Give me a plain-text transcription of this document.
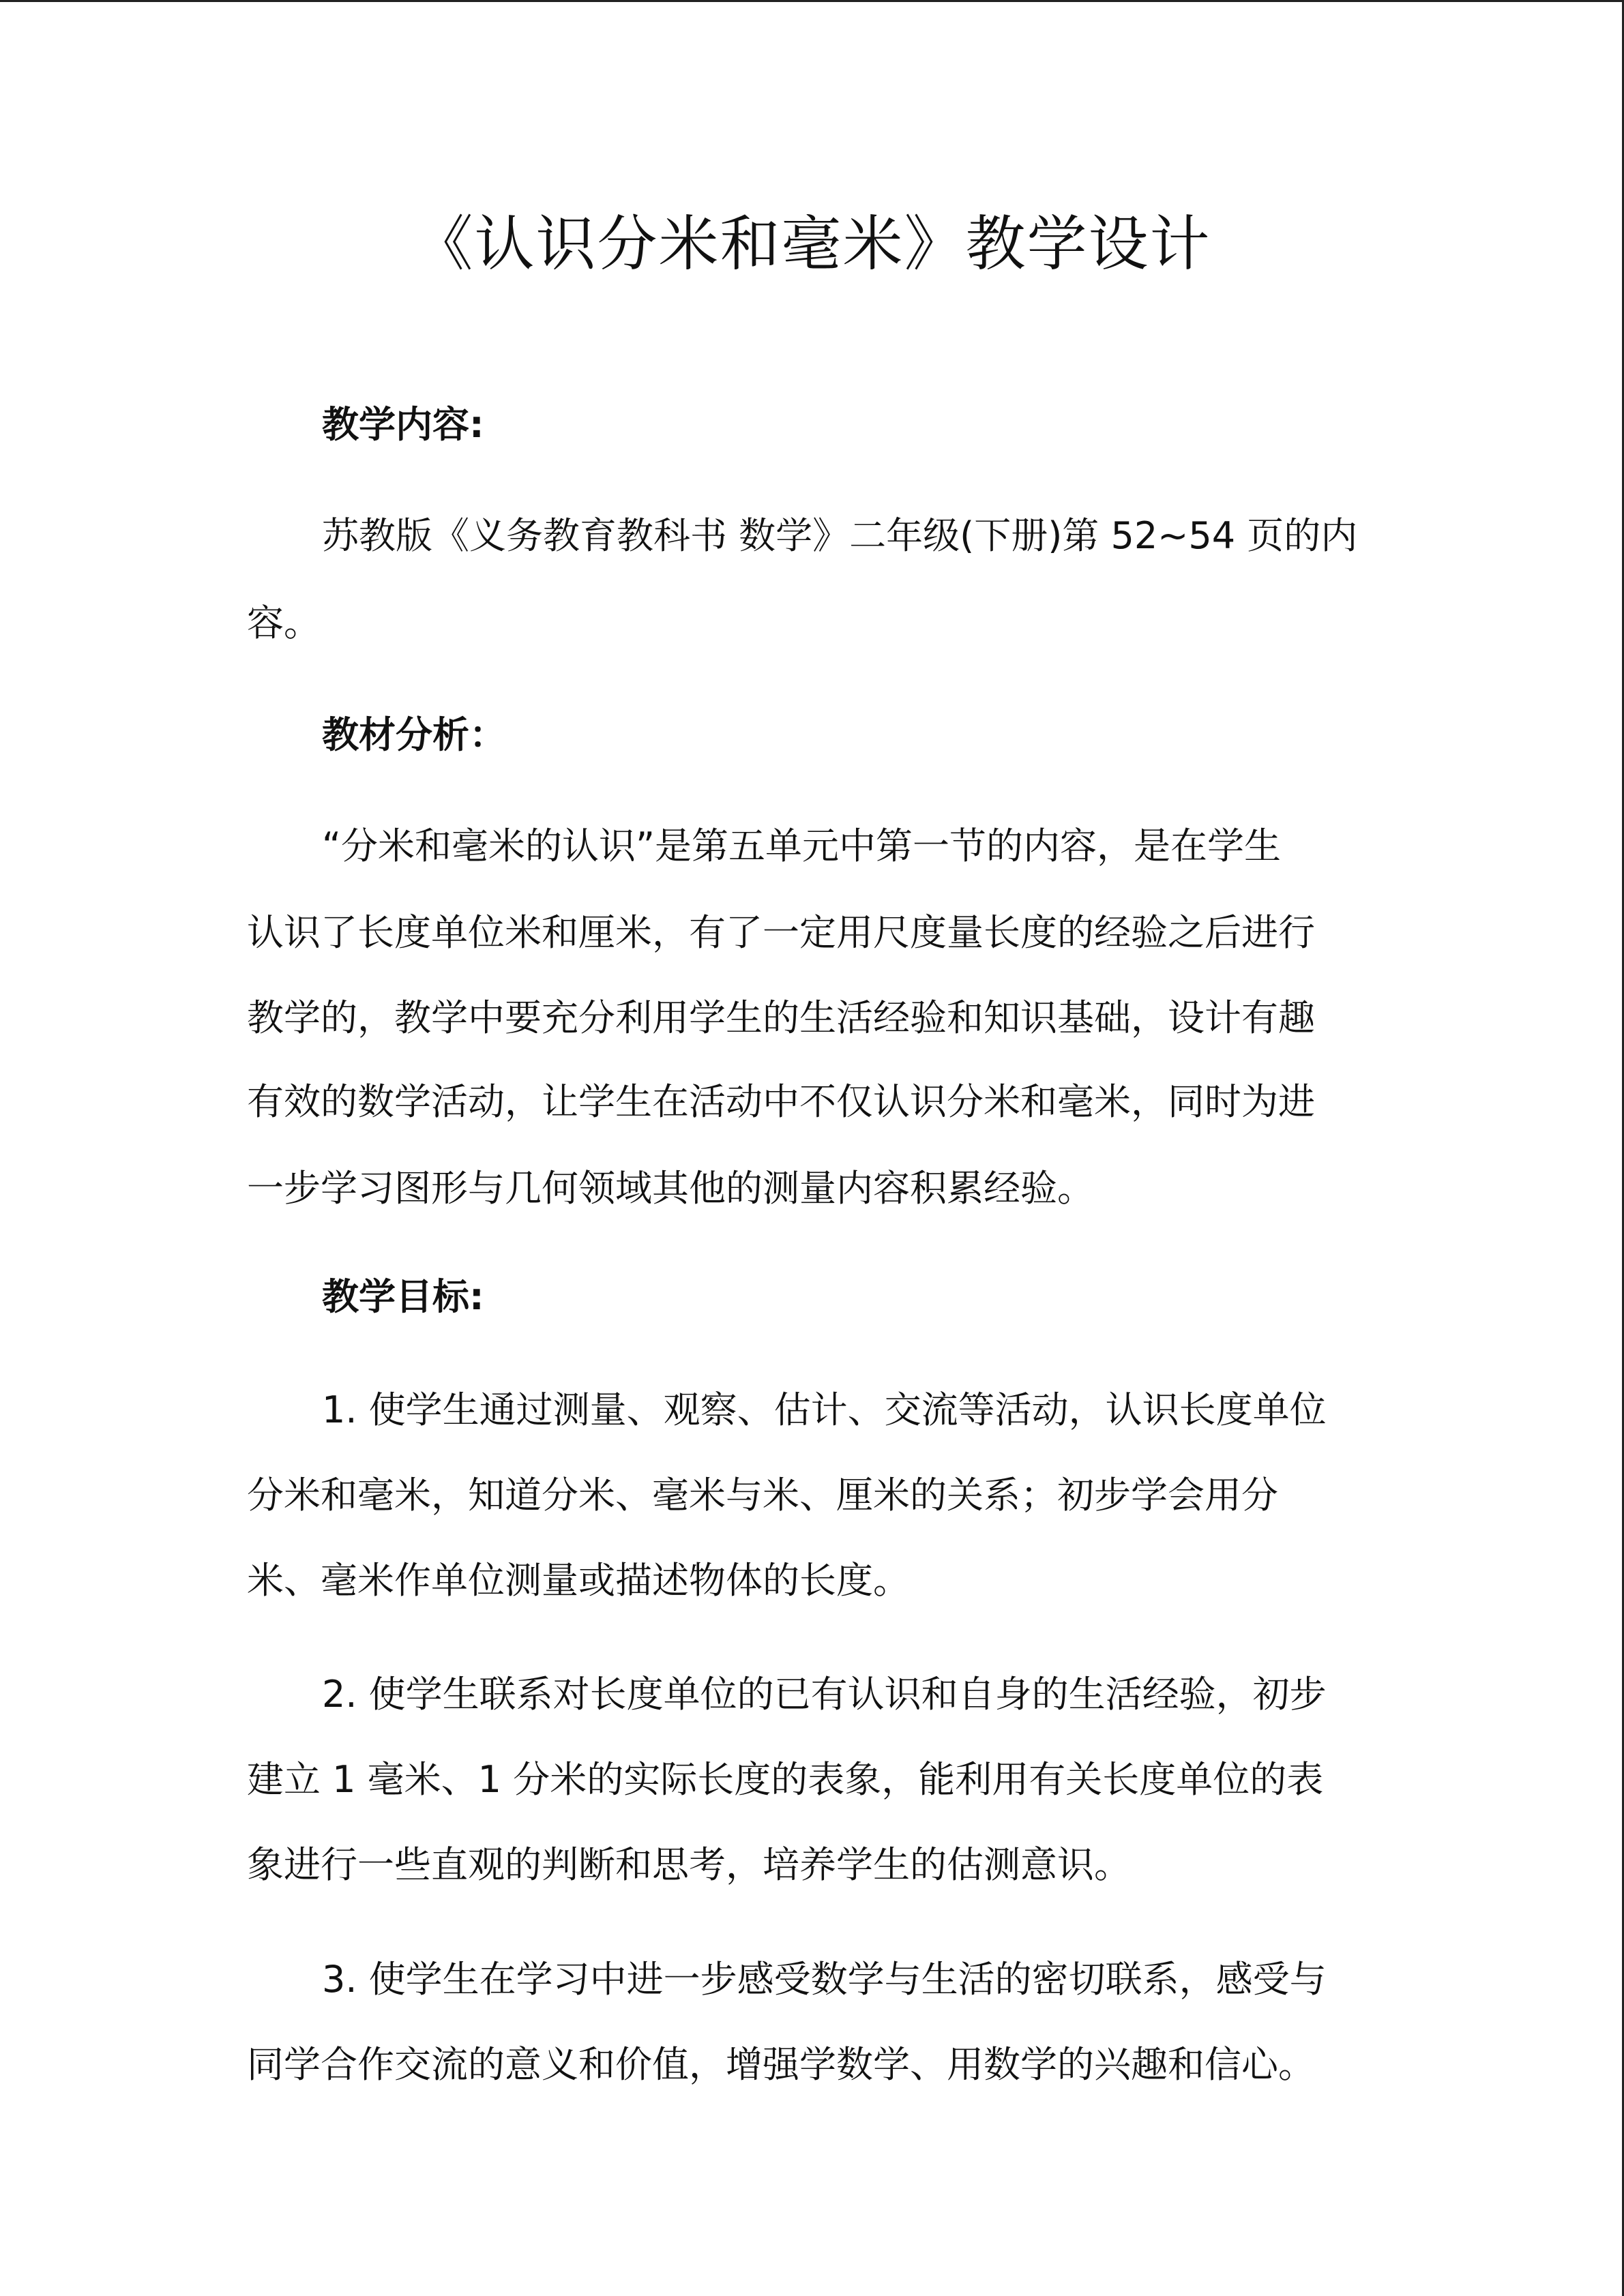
《认识分米和毫米》教学设计
教学内容:
苏教版《义务教育教科书 数学》二年级(下册)第 52~54 页的内
容。
教材分析：
“分米和毫米的认识”是第五单元中第一节的内容，是在学生
认识了长度单位米和厘米，有了一定用尺度量长度的经验之后进行
教学的，教学中要充分利用学生的生活经验和知识基础，设计有趣
有效的数学活动，让学生在活动中不仅认识分米和毫米，同时为进
一步学习图形与几何领域其他的测量内容积累经验。
教学目标:
1. 使学生通过测量、观察、估计、交流等活动，认识长度单位
分米和毫米，知道分米、毫米与米、厘米的关系；初步学会用分
米、毫米作单位测量或描述物体的长度。
2. 使学生联系对长度单位的已有认识和自身的生活经验，初步
建立 1 毫米、1 分米的实际长度的表象，能利用有关长度单位的表
象进行一些直观的判断和思考，培养学生的估测意识。
3. 使学生在学习中进一步感受数学与生活的密切联系，感受与
同学合作交流的意义和价值，增强学数学、用数学的兴趣和信心。
